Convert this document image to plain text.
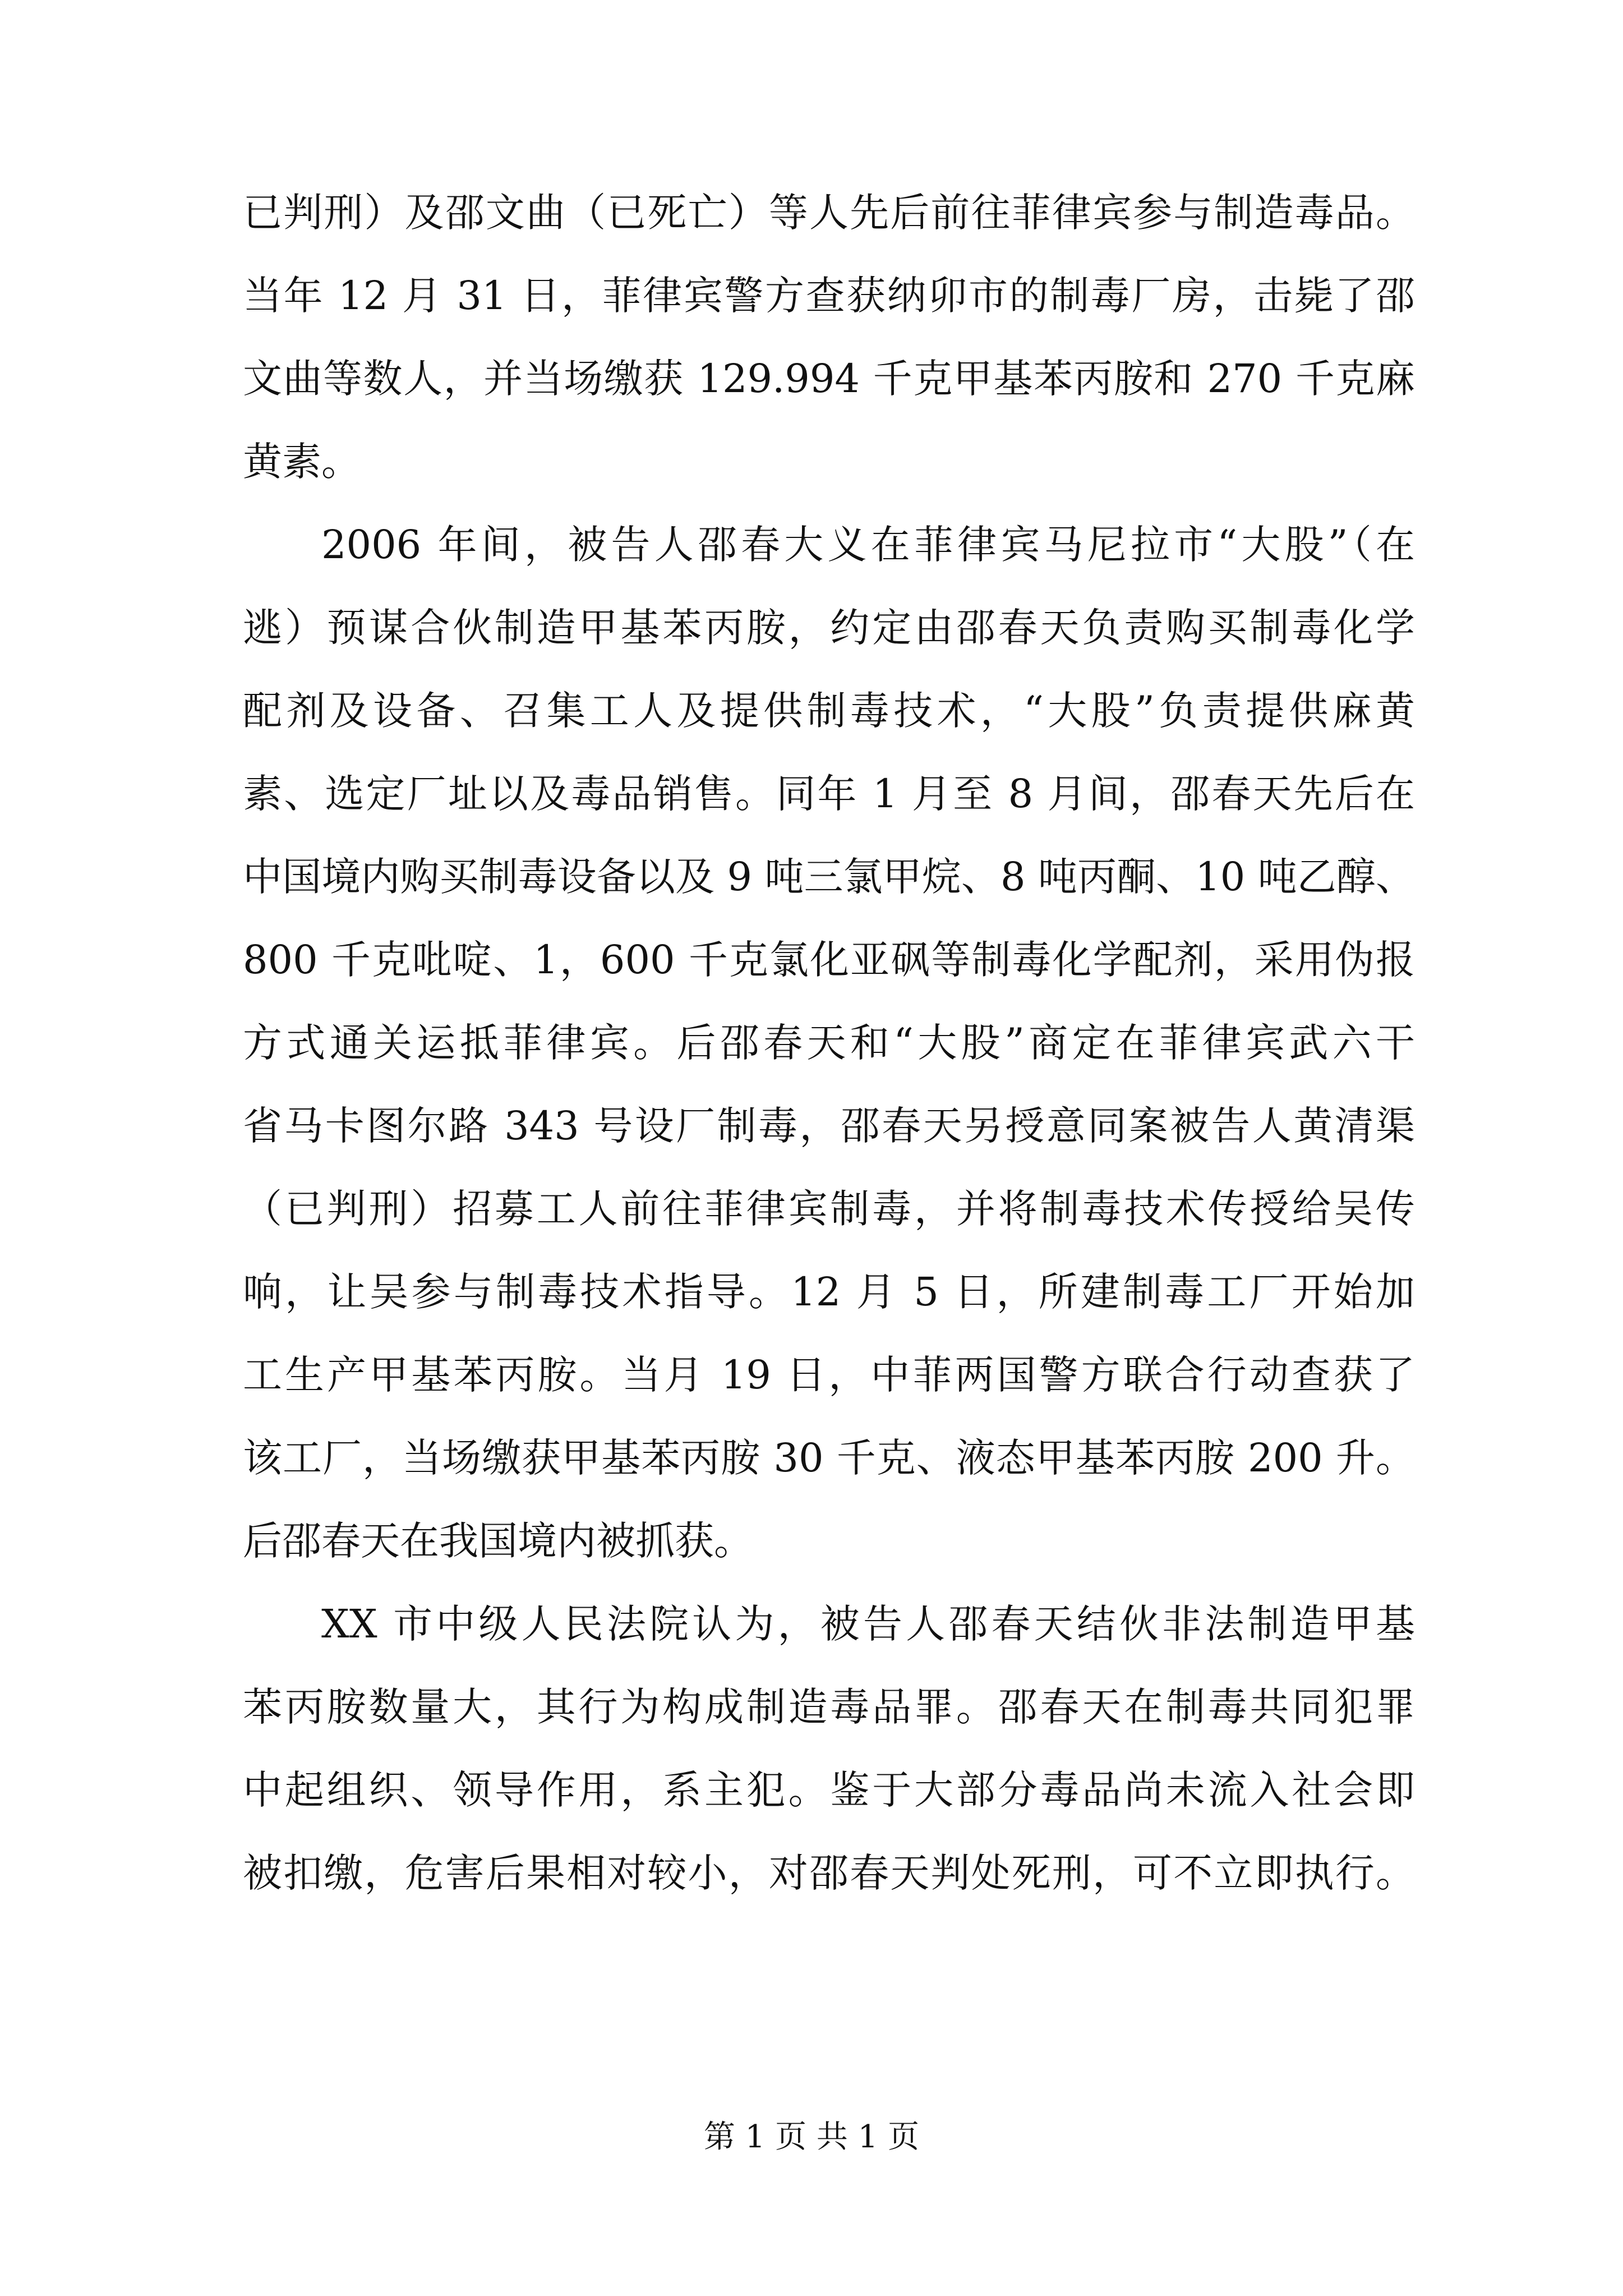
已判刑）及邵文曲（已死亡）等人先后前往菲律宾参与制造毒品。
当年 12 月 31 日，菲律宾警方查获纳卯市的制毒厂房，击毙了邵
文曲等数人，并当场缴获 129.994 千克甲基苯丙胺和 270 千克麻
黄素。
2006 年间，被告人邵春大义在菲律宾马尼拉市“大股”（在
逃）预谋合伙制造甲基苯丙胺，约定由邵春天负责购买制毒化学
配剂及设备、召集工人及提供制毒技术，“大股”负责提供麻黄
素、选定厂址以及毒品销售。同年 1 月至 8 月间，邵春天先后在
中国境内购买制毒设备以及 9 吨三氯甲烷、8 吨丙酮、10 吨乙醇、
800 千克吡啶、1，600 千克氯化亚砜等制毒化学配剂，采用伪报
方式通关运抵菲律宾。后邵春天和“大股”商定在菲律宾武六干
省马卡图尔路 343 号设厂制毒，邵春天另授意同案被告人黄清渠
（已判刑）招募工人前往菲律宾制毒，并将制毒技术传授给吴传
响，让吴参与制毒技术指导。12 月 5 日，所建制毒工厂开始加
工生产甲基苯丙胺。当月 19 日，中菲两国警方联合行动查获了
该工厂，当场缴获甲基苯丙胺 30 千克、液态甲基苯丙胺 200 升。
后邵春天在我国境内被抓获。
XX 市中级人民法院认为，被告人邵春天结伙非法制造甲基
苯丙胺数量大，其行为构成制造毒品罪。邵春天在制毒共同犯罪
中起组织、领导作用，系主犯。鉴于大部分毒品尚未流入社会即
被扣缴，危害后果相对较小，对邵春天判处死刑，可不立即执行。
第 1 页 共 1 页
